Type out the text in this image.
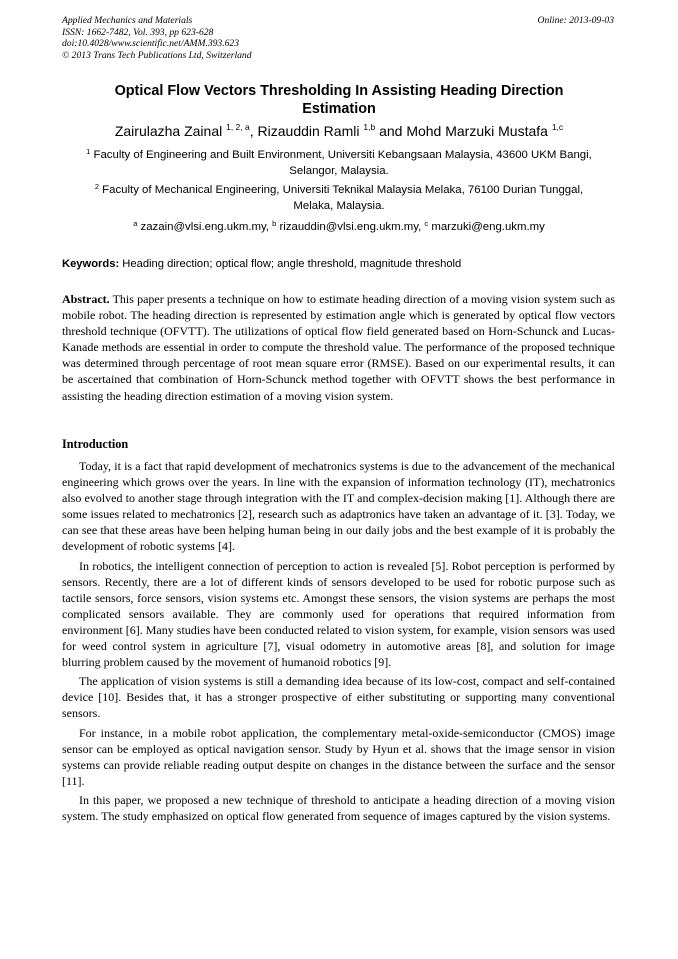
Applied Mechanics and Materials
ISSN: 1662-7482, Vol. 393, pp 623-628
doi:10.4028/www.scientific.net/AMM.393.623
© 2013 Trans Tech Publications Ltd, Switzerland
Online: 2013-09-03
Optical Flow Vectors Thresholding In Assisting Heading Direction
Estimation
Zairulazha Zainal $^{1, 2, a}$, Rizauddin Ramli $^{1,b}$ and Mohd Marzuki Mustafa $^{1,c}$
$^1$ Faculty of Engineering and Built Environment, Universiti Kebangsaan Malaysia, 43600 UKM Bangi,
Selangor, Malaysia.
$^2$ Faculty of Mechanical Engineering, Universiti Teknikal Malaysia Melaka, 76100 Durian Tunggal,
Melaka, Malaysia.
$^a$ zazain@vlsi.eng.ukm.my, $^b$ rizauddin@vlsi.eng.ukm.my, $^c$ marzuki@eng.ukm.my
Keywords: Heading direction; optical flow; angle threshold, magnitude threshold
Abstract. This paper presents a technique on how to estimate heading direction of a moving vision system such as mobile robot. The heading direction is represented by estimation angle which is generated by optical flow vectors threshold technique (OFVTT). The utilizations of optical flow field generated based on Horn-Schunck and Lucas-Kanade methods are essential in order to compute the threshold value. The performance of the proposed technique was determined through percentage of root mean square error (RMSE). Based on our experimental results, it can be ascertained that combination of Horn-Schunck method together with OFVTT shows the best performance in assisting the heading direction estimation of a moving vision system.
Introduction

Today, it is a fact that rapid development of mechatronics systems is due to the advancement of the mechanical engineering which grows over the years. In line with the expansion of information technology (IT), mechatronics also evolved to another stage through integration with the IT and complex-decision making [1]. Although there are some issues related to mechatronics [2], research such as adaptronics have taken an advantage of it. [3]. Today, we can see that these areas have been helping human being in our daily jobs and the best example of it is probably the development of robotic systems [4].

In robotics, the intelligent connection of perception to action is revealed [5]. Robot perception is performed by sensors. Recently, there are a lot of different kinds of sensors developed to be used for robotic purpose such as tactile sensors, force sensors, vision systems etc. Amongst these sensors, the vision systems are perhaps the most complicated sensors available. They are commonly used for operations that required information from environment [6]. Many studies have been conducted related to vision system, for example, vision sensors was used for weed control system in agriculture [7], visual odometry in automotive areas [8], and solution for image blurring problem caused by the movement of humanoid robotics [9].

The application of vision systems is still a demanding idea because of its low-cost, compact and self-contained device [10]. Besides that, it has a stronger prospective of either substituting or supporting many conventional sensors.

For instance, in a mobile robot application, the complementary metal-oxide-semiconductor (CMOS) image sensor can be employed as optical navigation sensor. Study by Hyun et al. shows that the image sensor in vision systems can provide reliable reading output despite on changes in the distance between the surface and the sensor [11].

In this paper, we proposed a new technique of threshold to anticipate a heading direction of a moving vision system. The study emphasized on optical flow generated from sequence of images captured by the vision systems.
